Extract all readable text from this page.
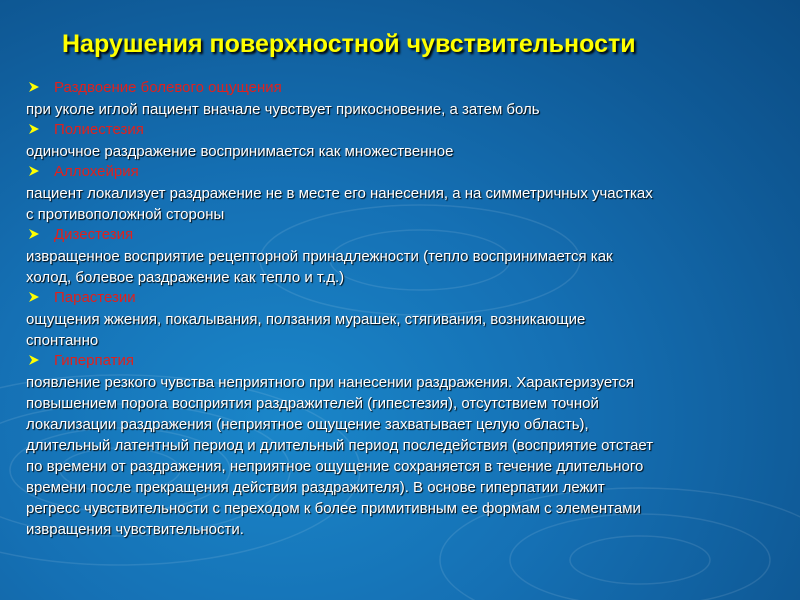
Нарушения поверхностной чувствительности
Раздвоение болевого ощущения
при уколе иглой пациент вначале чувствует прикосновение, а затем боль
Полиестезия
одиночное раздражение воспринимается как множественное
Аллохейрия
пациент локализует раздражение не в месте его нанесения, а на симметричных участках
с противоположной стороны
Дизестезия
извращенное восприятие рецепторной принадлежности (тепло воспринимается как
холод, болевое раздражение как тепло и т.д.)
Парастезии
ощущения жжения, покалывания, ползания мурашек, стягивания, возникающие
спонтанно
Гиперпатия
появление резкого чувства неприятного при нанесении раздражения. Характеризуется
повышением порога восприятия раздражителей (гипестезия), отсутствием точной
локализации раздражения (неприятное ощущение захватывает целую область),
длительный латентный период и длительный период последействия (восприятие отстает
по времени от раздражения, неприятное ощущение сохраняется в течение длительного
времени после прекращения действия раздражителя). В основе гиперпатии лежит
регресс чувствительности с переходом к более примитивным ее формам с элементами
извращения чувствительности.
